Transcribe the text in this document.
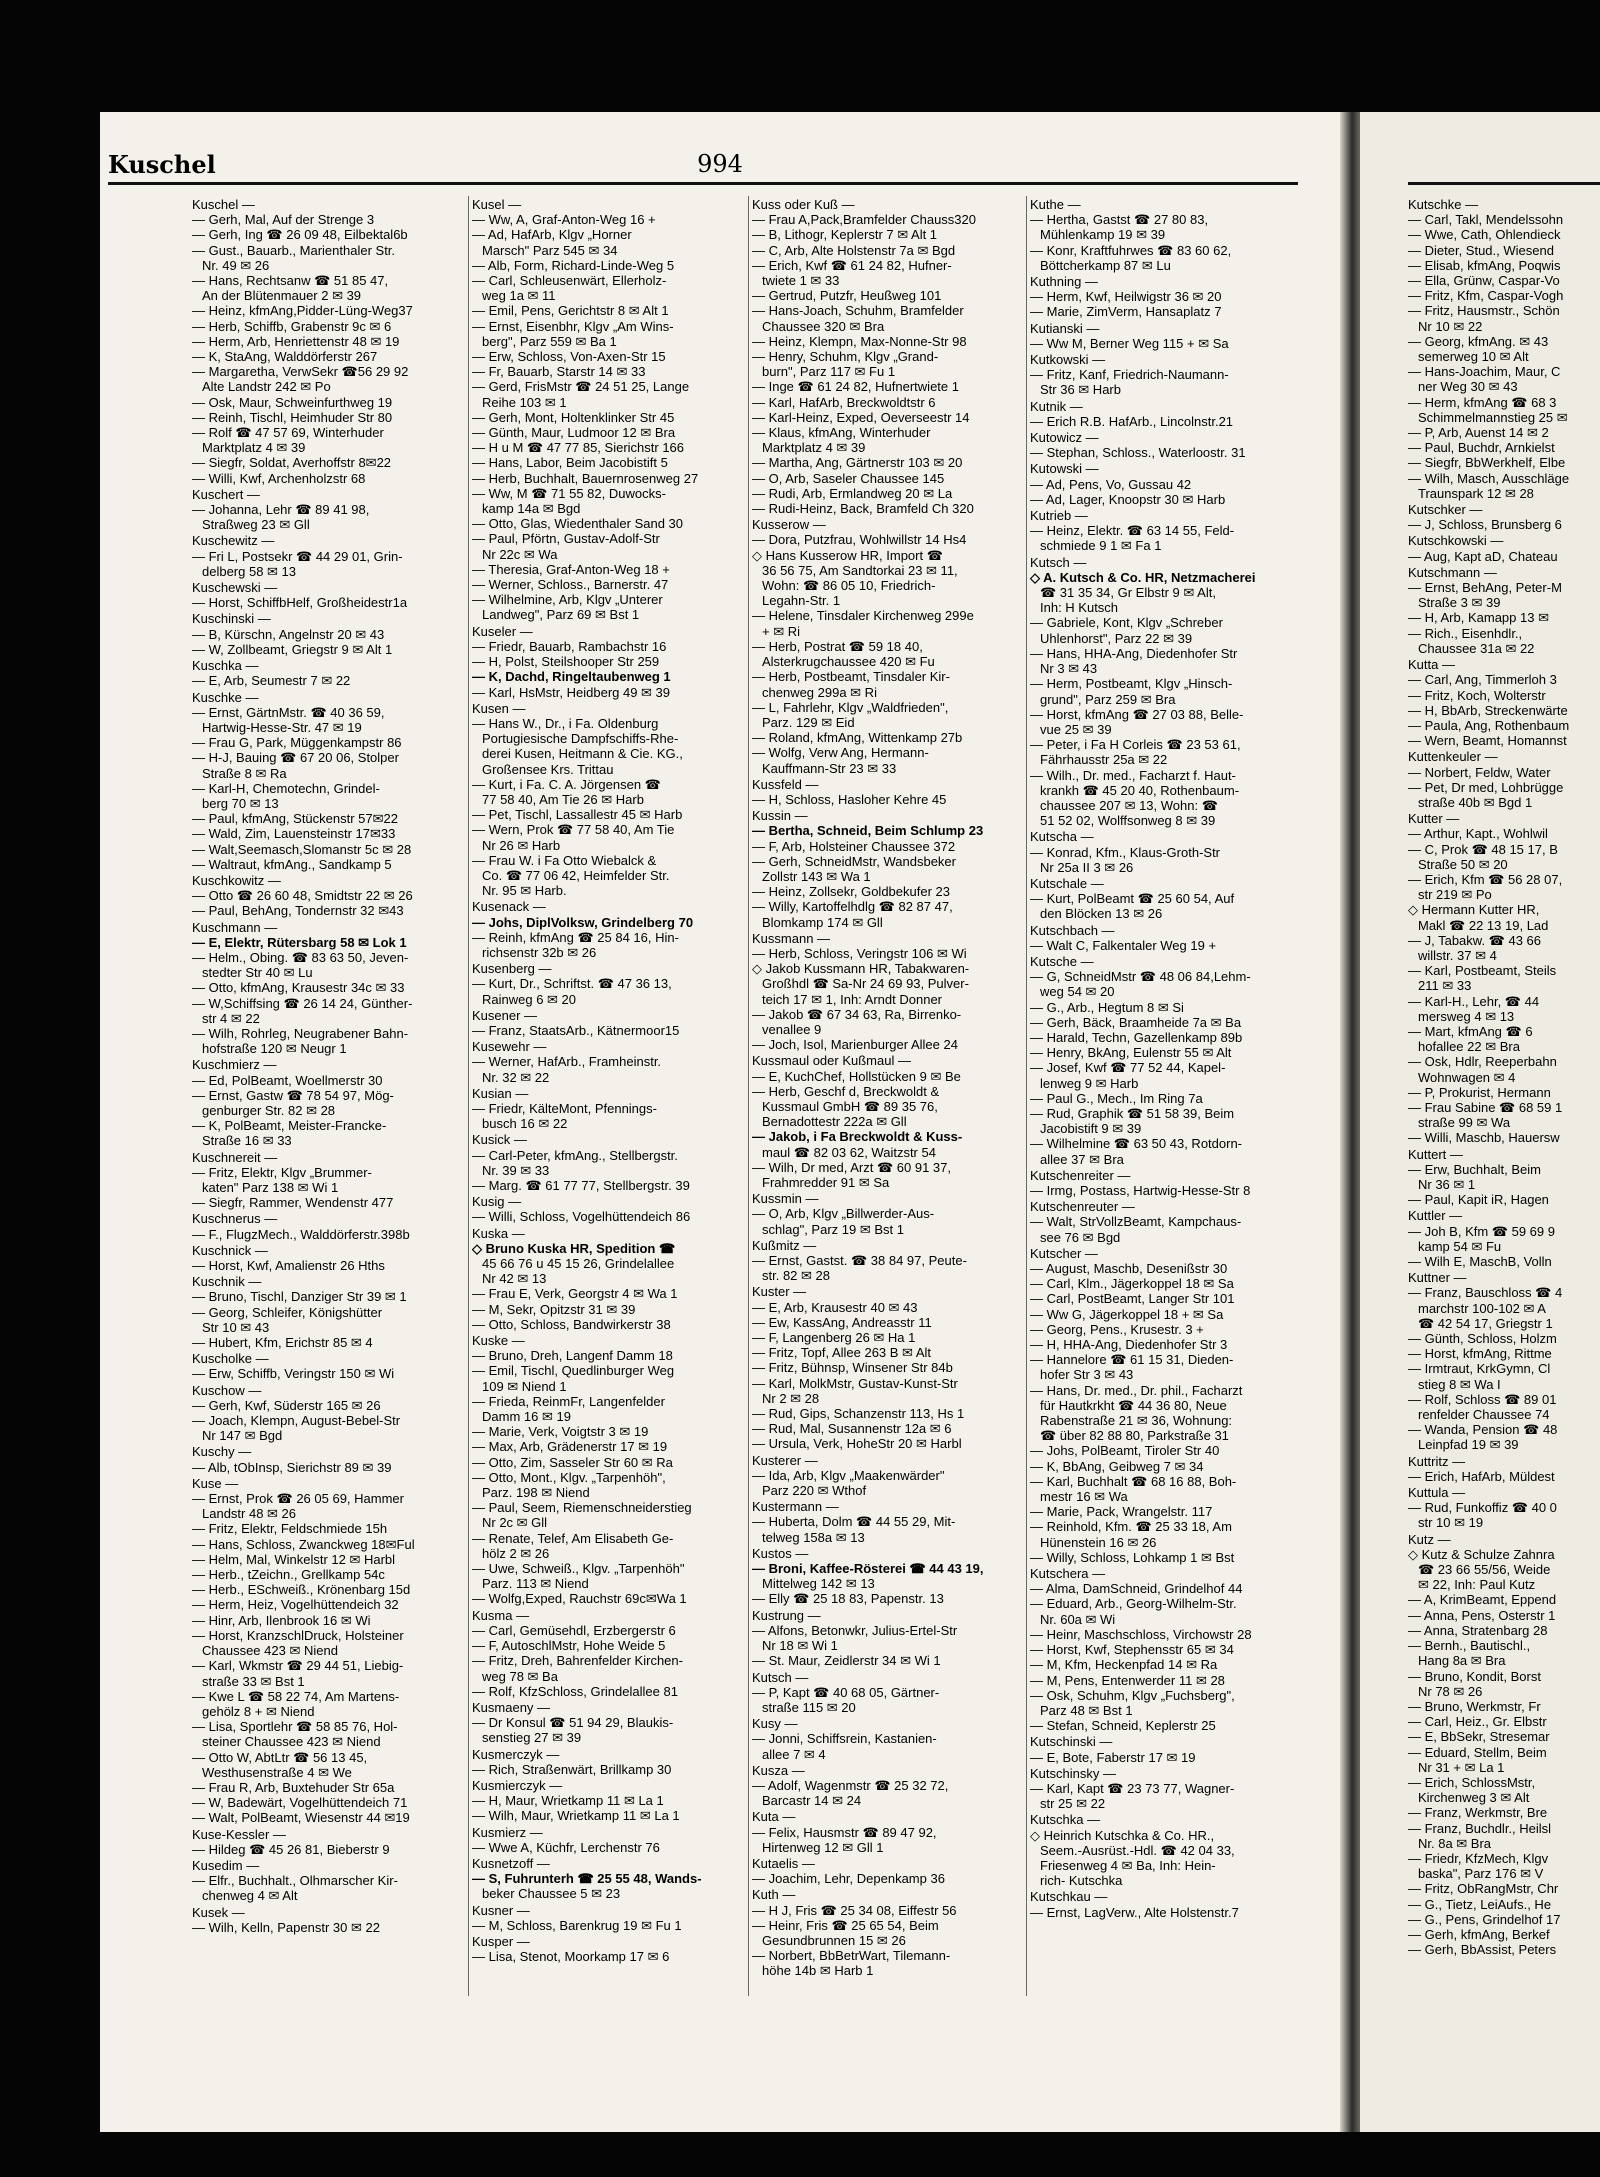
Kuschel	994
Kuschel —
— Gerh, Mal, Auf der Strenge 3
— Gerh, Ing ☎ 26 09 48, Eilbektal6b
— Gust., Bauarb., Marienthaler Str.
Nr. 49 ✉ 26
— Hans, Rechtsanw ☎ 51 85 47,
An der Blütenmauer 2 ✉ 39
— Heinz, kfmAng,Pidder-Lüng-Weg37
— Herb, Schiffb, Grabenstr 9c ✉ 6
— Herm, Arb, Henriettenstr 48 ✉ 19
— K, StaAng, Walddörferstr 267
— Margaretha, VerwSekr ☎56 29 92
Alte Landstr 242 ✉ Po
— Osk, Maur, Schweinfurthweg 19
— Reinh, Tischl, Heimhuder Str 80
— Rolf ☎ 47 57 69, Winterhuder
Marktplatz 4 ✉ 39
— Siegfr, Soldat, Averhoffstr 8✉22
— Willi, Kwf, Archenholzstr 68
Kuschert —
— Johanna, Lehr ☎ 89 41 98,
Straßweg 23 ✉ Gll
Kuschewitz —
— Fri L, Postsekr ☎ 44 29 01, Grin-
delberg 58 ✉ 13
Kuschewski —
— Horst, SchiffbHelf, Großheidestr1a
Kuschinski —
— B, Kürschn, Angelnstr 20 ✉ 43
— W, Zollbeamt, Griegstr 9 ✉ Alt 1
Kuschka —
— E, Arb, Seumestr 7 ✉ 22
Kuschke —
— Ernst, GärtnMstr. ☎ 40 36 59,
Hartwig-Hesse-Str. 47 ✉ 19
— Frau G, Park, Müggenkampstr 86
— H-J, Bauing ☎ 67 20 06, Stolper
Straße 8 ✉ Ra
— Karl-H, Chemotechn, Grindel-
berg 70 ✉ 13
— Paul, kfmAng, Stückenstr 57✉22
— Wald, Zim, Lauensteinstr 17✉33
— Walt,Seemasch,Slomanstr 5c ✉ 28
— Waltraut, kfmAng., Sandkamp 5
Kuschkowitz —
— Otto ☎ 26 60 48, Smidtstr 22 ✉ 26
— Paul, BehAng, Tondernstr 32 ✉43
Kuschmann —
— E, Elektr, Rütersbarg 58 ✉ Lok 1
— Helm., Obing. ☎ 83 63 50, Jeven-
stedter Str 40 ✉ Lu
— Otto, kfmAng, Krausestr 34c ✉ 33
— W,Schiffsing ☎ 26 14 24, Günther-
str 4 ✉ 22
— Wilh, Rohrleg, Neugrabener Bahn-
hofstraße 120 ✉ Neugr 1
Kuschmierz —
— Ed, PolBeamt, Woellmerstr 30
— Ernst, Gastw ☎ 78 54 97, Mög-
genburger Str. 82 ✉ 28
— K, PolBeamt, Meister-Francke-
Straße 16 ✉ 33
Kuschnereit —
— Fritz, Elektr, Klgv „Brummer-
katen" Parz 138 ✉ Wi 1
— Siegfr, Rammer, Wendenstr 477
Kuschnerus —
— F., FlugzMech., Walddörferstr.398b
Kuschnick —
— Horst, Kwf, Amalienstr 26 Hths
Kuschnik —
— Bruno, Tischl, Danziger Str 39 ✉ 1
— Georg, Schleifer, Königshütter
Str 10 ✉ 43
— Hubert, Kfm, Erichstr 85 ✉ 4
Kuscholke —
— Erw, Schiffb, Veringstr 150 ✉ Wi
Kuschow —
— Gerh, Kwf, Süderstr 165 ✉ 26
— Joach, Klempn, August-Bebel-Str
Nr 147 ✉ Bgd
Kuschy —
— Alb, tObInsp, Sierichstr 89 ✉ 39
Kuse —
— Ernst, Prok ☎ 26 05 69, Hammer
Landstr 48 ✉ 26
— Fritz, Elektr, Feldschmiede 15h
— Hans, Schloss, Zwanckweg 18✉Ful
— Helm, Mal, Winkelstr 12 ✉ Harbl
— Herb., tZeichn., Grellkamp 54c
— Herb., ESchweiß., Krönenbarg 15d
— Herm, Heiz, Vogelhüttendeich 32
— Hinr, Arb, Ilenbrook 16 ✉ Wi
— Horst, KranzschlDruck, Holsteiner
Chaussee 423 ✉ Niend
— Karl, Wkmstr ☎ 29 44 51, Liebig-
straße 33 ✉ Bst 1
— Kwe L ☎ 58 22 74, Am Martens-
gehölz 8 + ✉ Niend
— Lisa, Sportlehr ☎ 58 85 76, Hol-
steiner Chaussee 423 ✉ Niend
— Otto W, AbtLtr ☎ 56 13 45,
Westhusenstraße 4 ✉ We
— Frau R, Arb, Buxtehuder Str 65a
— W, Badewärt, Vogelhüttendeich 71
— Walt, PolBeamt, Wiesenstr 44 ✉19
Kuse-Kessler —
— Hildeg ☎ 45 26 81, Bieberstr 9
Kusedim —
— Elfr., Buchhalt., Olhmarscher Kir-
chenweg 4 ✉ Alt
Kusek —
— Wilh, Kelln, Papenstr 30 ✉ 22
Kusel —
— Ww, A, Graf-Anton-Weg 16 +
— Ad, HafArb, Klgv „Horner
Marsch" Parz 545 ✉ 34
— Alb, Form, Richard-Linde-Weg 5
— Carl, Schleusenwärt, Ellerholz-
weg 1a ✉ 11
— Emil, Pens, Gerichtstr 8 ✉ Alt 1
— Ernst, Eisenbhr, Klgv „Am Wins-
berg", Parz 559 ✉ Ba 1
— Erw, Schloss, Von-Axen-Str 15
— Fr, Bauarb, Starstr 14 ✉ 33
— Gerd, FrisMstr ☎ 24 51 25, Lange
Reihe 103 ✉ 1
— Gerh, Mont, Holtenklinker Str 45
— Günth, Maur, Ludmoor 12 ✉ Bra
— H u M ☎ 47 77 85, Sierichstr 166
— Hans, Labor, Beim Jacobistift 5
— Herb, Buchhalt, Bauernrosenweg 27
— Ww, M ☎ 71 55 82, Duwocks-
kamp 14a ✉ Bgd
— Otto, Glas, Wiedenthaler Sand 30
— Paul, Pförtn, Gustav-Adolf-Str
Nr 22c ✉ Wa
— Theresia, Graf-Anton-Weg 18 +
— Werner, Schloss., Barnerstr. 47
— Wilhelmine, Arb, Klgv „Unterer
Landweg", Parz 69 ✉ Bst 1
Kuseler —
— Friedr, Bauarb, Rambachstr 16
— H, Polst, Steilshooper Str 259
— K, Dachd, Ringeltaubenweg 1
— Karl, HsMstr, Heidberg 49 ✉ 39
Kusen —
— Hans W., Dr., i Fa. Oldenburg
Portugiesische Dampfschiffs-Rhe-
derei Kusen, Heitmann & Cie. KG.,
Großensee Krs. Trittau
— Kurt, i Fa. C. A. Jörgensen ☎
77 58 40, Am Tie 26 ✉ Harb
— Pet, Tischl, Lassallestr 45 ✉ Harb
— Wern, Prok ☎ 77 58 40, Am Tie
Nr 26 ✉ Harb
— Frau W. i Fa Otto Wiebalck &
Co. ☎ 77 06 42, Heimfelder Str.
Nr. 95 ✉ Harb.
Kusenack —
— Johs, DiplVolksw, Grindelberg 70
— Reinh, kfmAng ☎ 25 84 16, Hin-
richsenstr 32b ✉ 26
Kusenberg —
— Kurt, Dr., Schriftst. ☎ 47 36 13,
Rainweg 6 ✉ 20
Kusener —
— Franz, StaatsArb., Kätnermoor15
Kusewehr —
— Werner, HafArb., Framheinstr.
Nr. 32 ✉ 22
Kusian —
— Friedr, KälteMont, Pfennings-
busch 16 ✉ 22
Kusick —
— Carl-Peter, kfmAng., Stellbergstr.
Nr. 39 ✉ 33
— Marg. ☎ 61 77 77, Stellbergstr. 39
Kusig —
— Willi, Schloss, Vogelhüttendeich 86
Kuska —
◇ Bruno Kuska HR, Spedition ☎
45 66 76 u 45 15 26, Grindelallee
Nr 42 ✉ 13
— Frau E, Verk, Georgstr 4 ✉ Wa 1
— M, Sekr, Opitzstr 31 ✉ 39
— Otto, Schloss, Bandwirkerstr 38
Kuske —
— Bruno, Dreh, Langenf Damm 18
— Emil, Tischl, Quedlinburger Weg
109 ✉ Niend 1
— Frieda, ReinmFr, Langenfelder
Damm 16 ✉ 19
— Marie, Verk, Voigtstr 3 ✉ 19
— Max, Arb, Grädenerstr 17 ✉ 19
— Otto, Zim, Sasseler Str 60 ✉ Ra
— Otto, Mont., Klgv. „Tarpenhöh",
Parz. 198 ✉ Niend
— Paul, Seem, Riemenschneiderstieg
Nr 2c ✉ Gll
— Renate, Telef, Am Elisabeth Ge-
hölz 2 ✉ 26
— Uwe, Schweiß., Klgv. „Tarpenhöh"
Parz. 113 ✉ Niend
— Wolfg,Exped, Rauchstr 69c✉Wa 1
Kusma —
— Carl, Gemüsehdl, Erzbergerstr 6
— F, AutoschlMstr, Hohe Weide 5
— Fritz, Dreh, Bahrenfelder Kirchen-
weg 78 ✉ Ba
— Rolf, KfzSchloss, Grindelallee 81
Kusmaeny —
— Dr Konsul ☎ 51 94 29, Blaukis-
senstieg 27 ✉ 39
Kusmerczyk —
— Rich, Straßenwärt, Brillkamp 30
Kusmierczyk —
— H, Maur, Wrietkamp 11 ✉ La 1
— Wilh, Maur, Wrietkamp 11 ✉ La 1
Kusmierz —
— Wwe A, Küchfr, Lerchenstr 76
Kusnetzoff —
— S, Fuhrunterh ☎ 25 55 48, Wands-
beker Chaussee 5 ✉ 23
Kusner —
— M, Schloss, Barenkrug 19 ✉ Fu 1
Kusper —
— Lisa, Stenot, Moorkamp 17 ✉ 6
Kuss oder Kuß —
— Frau A,Pack,Bramfelder Chauss320
— B, Lithogr, Keplerstr 7 ✉ Alt 1
— C, Arb, Alte Holstenstr 7a ✉ Bgd
— Erich, Kwf ☎ 61 24 82, Hufner-
twiete 1 ✉ 33
— Gertrud, Putzfr, Heußweg 101
— Hans-Joach, Schuhm, Bramfelder
Chaussee 320 ✉ Bra
— Heinz, Klempn, Max-Nonne-Str 98
— Henry, Schuhm, Klgv „Grand-
burn", Parz 117 ✉ Fu 1
— Inge ☎ 61 24 82, Hufnertwiete 1
— Karl, HafArb, Breckwoldtstr 6
— Karl-Heinz, Exped, Oeverseestr 14
— Klaus, kfmAng, Winterhuder
Marktplatz 4 ✉ 39
— Martha, Ang, Gärtnerstr 103 ✉ 20
— O, Arb, Saseler Chaussee 145
— Rudi, Arb, Ermlandweg 20 ✉ La
— Rudi-Heinz, Back, Bramfeld Ch 320
Kusserow —
— Dora, Putzfrau, Wohlwillstr 14 Hs4
◇ Hans Kusserow HR, Import ☎
36 56 75, Am Sandtorkai 23 ✉ 11,
Wohn: ☎ 86 05 10, Friedrich-
Legahn-Str. 1
— Helene, Tinsdaler Kirchenweg 299e
+ ✉ Ri
— Herb, Postrat ☎ 59 18 40,
Alsterkrugchaussee 420 ✉ Fu
— Herb, Postbeamt, Tinsdaler Kir-
chenweg 299a ✉ Ri
— L, Fahrlehr, Klgv „Waldfrieden",
Parz. 129 ✉ Eid
— Roland, kfmAng, Wittenkamp 27b
— Wolfg, Verw Ang, Hermann-
Kauffmann-Str 23 ✉ 33
Kussfeld —
— H, Schloss, Hasloher Kehre 45
Kussin —
— Bertha, Schneid, Beim Schlump 23
— F, Arb, Holsteiner Chaussee 372
— Gerh, SchneidMstr, Wandsbeker
Zollstr 143 ✉ Wa 1
— Heinz, Zollsekr, Goldbekufer 23
— Willy, Kartoffelhdlg ☎ 82 87 47,
Blomkamp 174 ✉ Gll
Kussmann —
— Herb, Schloss, Veringstr 106 ✉ Wi
◇ Jakob Kussmann HR, Tabakwaren-
Großhdl ☎ Sa-Nr 24 69 93, Pulver-
teich 17 ✉ 1, Inh: Arndt Donner
— Jakob ☎ 67 34 63, Ra, Birrenko-
venallee 9
— Joch, Isol, Marienburger Allee 24
Kussmaul oder Kußmaul —
— E, KuchChef, Hollstücken 9 ✉ Be
— Herb, Geschf d, Breckwoldt &
Kussmaul GmbH ☎ 89 35 76,
Bernadottestr 222a ✉ Gll
— Jakob, i Fa Breckwoldt & Kuss-
maul ☎ 82 03 62, Waitzstr 54
— Wilh, Dr med, Arzt ☎ 60 91 37,
Frahmredder 91 ✉ Sa
Kussmin —
— O, Arb, Klgv „Billwerder-Aus-
schlag", Parz 19 ✉ Bst 1
Kußmitz —
— Ernst, Gastst. ☎ 38 84 97, Peute-
str. 82 ✉ 28
Kuster —
— E, Arb, Krausestr 40 ✉ 43
— Ew, KassAng, Andreasstr 11
— F, Langenberg 26 ✉ Ha 1
— Fritz, Topf, Allee 263 B ✉ Alt
— Fritz, Bühnsp, Winsener Str 84b
— Karl, MolkMstr, Gustav-Kunst-Str
Nr 2 ✉ 28
— Rud, Gips, Schanzenstr 113, Hs 1
— Rud, Mal, Susannenstr 12a ✉ 6
— Ursula, Verk, HoheStr 20 ✉ Harbl
Kusterer —
— Ida, Arb, Klgv „Maakenwärder"
Parz 220 ✉ Wthof
Kustermann —
— Huberta, Dolm ☎ 44 55 29, Mit-
telweg 158a ✉ 13
Kustos —
— Broni, Kaffee-Rösterei ☎ 44 43 19,
Mittelweg 142 ✉ 13
— Elly ☎ 25 18 83, Papenstr. 13
Kustrung —
— Alfons, Betonwkr, Julius-Ertel-Str
Nr 18 ✉ Wi 1
— St. Maur, Zeidlerstr 34 ✉ Wi 1
Kutsch —
— P, Kapt ☎ 40 68 05, Gärtner-
straße 115 ✉ 20
Kusy —
— Jonni, Schiffsrein, Kastanien-
allee 7 ✉ 4
Kusza —
— Adolf, Wagenmstr ☎ 25 32 72,
Barcastr 14 ✉ 24
Kuta —
— Felix, Hausmstr ☎ 89 47 92,
Hirtenweg 12 ✉ Gll 1
Kutaelis —
— Joachim, Lehr, Depenkamp 36
Kuth —
— H J, Fris ☎ 25 34 08, Eiffestr 56
— Heinr, Fris ☎ 25 65 54, Beim
Gesundbrunnen 15 ✉ 26
— Norbert, BbBetrWart, Tilemann-
höhe 14b ✉ Harb 1
Kuthe —
— Hertha, Gastst ☎ 27 80 83,
Mühlenkamp 19 ✉ 39
— Konr, Kraftfuhrwes ☎ 83 60 62,
Böttcherkamp 87 ✉ Lu
Kuthning —
— Herm, Kwf, Heilwigstr 36 ✉ 20
— Marie, ZimVerm, Hansaplatz 7
Kutianski —
— Ww M, Berner Weg 115 + ✉ Sa
Kutkowski —
— Fritz, Kanf, Friedrich-Naumann-
Str 36 ✉ Harb
Kutnik —
— Erich R.B. HafArb., Lincolnstr.21
Kutowicz —
— Stephan, Schloss., Waterloostr. 31
Kutowski —
— Ad, Pens, Vo, Gussau 42
— Ad, Lager, Knoopstr 30 ✉ Harb
Kutrieb —
— Heinz, Elektr. ☎ 63 14 55, Feld-
schmiede 9 1 ✉ Fa 1
Kutsch —
◇ A. Kutsch & Co. HR, Netzmacherei
☎ 31 35 34, Gr Elbstr 9 ✉ Alt,
Inh: H Kutsch
— Gabriele, Kont, Klgv „Schreber
Uhlenhorst", Parz 22 ✉ 39
— Hans, HHA-Ang, Diedenhofer Str
Nr 3 ✉ 43
— Herm, Postbeamt, Klgv „Hinsch-
grund", Parz 259 ✉ Bra
— Horst, kfmAng ☎ 27 03 88, Belle-
vue 25 ✉ 39
— Peter, i Fa H Corleis ☎ 23 53 61,
Fährhausstr 25a ✉ 22
— Wilh., Dr. med., Facharzt f. Haut-
krankh ☎ 45 20 40, Rothenbaum-
chaussee 207 ✉ 13, Wohn: ☎
51 52 02, Wolffsonweg 8 ✉ 39
Kutscha —
— Konrad, Kfm., Klaus-Groth-Str
Nr 25a II 3 ✉ 26
Kutschale —
— Kurt, PolBeamt ☎ 25 60 54, Auf
den Blöcken 13 ✉ 26
Kutschbach —
— Walt C, Falkentaler Weg 19 +
Kutsche —
— G, SchneidMstr ☎ 48 06 84,Lehm-
weg 54 ✉ 20
— G., Arb., Hegtum 8 ✉ Si
— Gerh, Bäck, Braamheide 7a ✉ Ba
— Harald, Techn, Gazellenkamp 89b
— Henry, BkAng, Eulenstr 55 ✉ Alt
— Josef, Kwf ☎ 77 52 44, Kapel-
lenweg 9 ✉ Harb
— Paul G., Mech., Im Ring 7a
— Rud, Graphik ☎ 51 58 39, Beim
Jacobistift 9 ✉ 39
— Wilhelmine ☎ 63 50 43, Rotdorn-
allee 37 ✉ Bra
Kutschenreiter —
— Irmg, Postass, Hartwig-Hesse-Str 8
Kutschenreuter —
— Walt, StrVollzBeamt, Kampchaus-
see 76 ✉ Bgd
Kutscher —
— August, Maschb, Desenißstr 30
— Carl, Klm., Jägerkoppel 18 ✉ Sa
— Carl, PostBeamt, Langer Str 101
— Ww G, Jägerkoppel 18 + ✉ Sa
— Georg, Pens., Krusestr. 3 +
— H, HHA-Ang, Diedenhofer Str 3
— Hannelore ☎ 61 15 31, Dieden-
hofer Str 3 ✉ 43
— Hans, Dr. med., Dr. phil., Facharzt
für Hautkrkht ☎ 44 36 80, Neue
Rabenstraße 21 ✉ 36, Wohnung:
☎ über 82 88 80, Parkstraße 31
— Johs, PolBeamt, Tiroler Str 40
— K, BbAng, Geibweg 7 ✉ 34
— Karl, Buchhalt ☎ 68 16 88, Boh-
mestr 16 ✉ Wa
— Marie, Pack, Wrangelstr. 117
— Reinhold, Kfm. ☎ 25 33 18, Am
Hünenstein 16 ✉ 26
— Willy, Schloss, Lohkamp 1 ✉ Bst
Kutschera —
— Alma, DamSchneid, Grindelhof 44
— Eduard, Arb., Georg-Wilhelm-Str.
Nr. 60a ✉ Wi
— Heinr, Maschschloss, Virchowstr 28
— Horst, Kwf, Stephensstr 65 ✉ 34
— M, Kfm, Heckenpfad 14 ✉ Ra
— M, Pens, Entenwerder 11 ✉ 28
— Osk, Schuhm, Klgv „Fuchsberg",
Parz 48 ✉ Bst 1
— Stefan, Schneid, Keplerstr 25
Kutschinski —
— E, Bote, Faberstr 17 ✉ 19
Kutschinsky —
— Karl, Kapt ☎ 23 73 77, Wagner-
str 25 ✉ 22
Kutschka —
◇ Heinrich Kutschka & Co. HR.,
Seem.-Ausrüst.-Hdl. ☎ 42 04 33,
Friesenweg 4 ✉ Ba, Inh: Hein-
rich- Kutschka
Kutschkau —
— Ernst, LagVerw., Alte Holstenstr.7
Kutschke —
— Carl, Takl, Mendelssohn
— Wwe, Cath, Ohlendieck
— Dieter, Stud., Wiesend
— Elisab, kfmAng, Poqwis
— Ella, Grünw, Caspar-Vo
— Fritz, Kfm, Caspar-Vogh
— Fritz, Hausmstr., Schön
Nr 10 ✉ 22
— Georg, kfmAng. ✉ 43
semerweg 10 ✉ Alt
— Hans-Joachim, Maur, C
ner Weg 30 ✉ 43
— Herm, kfmAng ☎ 68 3
Schimmelmannstieg 25 ✉
— P, Arb, Auenst 14 ✉ 2
— Paul, Buchdr, Arnkielst
— Siegfr, BbWerkhelf, Elbe
— Wilh, Masch, Ausschläge
Traunspark 12 ✉ 28
Kutschker —
— J, Schloss, Brunsberg 6
Kutschkowski —
— Aug, Kapt aD, Chateau
Kutschmann —
— Ernst, BehAng, Peter-M
Straße 3 ✉ 39
— H, Arb, Kamapp 13 ✉
— Rich., Eisenhdlr.,
Chaussee 31a ✉ 22
Kutta —
— Carl, Ang, Timmerloh 3
— Fritz, Koch, Wolterstr
— H, BbArb, Streckenwärte
— Paula, Ang, Rothenbaum
— Wern, Beamt, Homannst
Kuttenkeuler —
— Norbert, Feldw, Water
— Pet, Dr med, Lohbrügge
straße 40b ✉ Bgd 1
Kutter —
— Arthur, Kapt., Wohlwil
— C, Prok ☎ 48 15 17, B
Straße 50 ✉ 20
— Erich, Kfm ☎ 56 28 07,
str 219 ✉ Po
◇ Hermann Kutter HR,
Makl ☎ 22 13 19, Lad
— J, Tabakw. ☎ 43 66
willstr. 37 ✉ 4
— Karl, Postbeamt, Steils
211 ✉ 33
— Karl-H., Lehr, ☎ 44
mersweg 4 ✉ 13
— Mart, kfmAng ☎ 6
hofallee 22 ✉ Bra
— Osk, Hdlr, Reeperbahn
Wohnwagen ✉ 4
— P, Prokurist, Hermann
— Frau Sabine ☎ 68 59 1
straße 99 ✉ Wa
— Willi, Maschb, Hauersw
Kuttert —
— Erw, Buchhalt, Beim
Nr 36 ✉ 1
— Paul, Kapit iR, Hagen
Kuttler —
— Joh B, Kfm ☎ 59 69 9
kamp 54 ✉ Fu
— Wilh E, MaschB, Volln
Kuttner —
— Franz, Bauschloss ☎ 4
marchstr 100-102 ✉ A
☎ 42 54 17, Griegstr 1
— Günth, Schloss, Holzm
— Horst, kfmAng, Rittme
— Irmtraut, KrkGymn, Cl
stieg 8 ✉ Wa I
— Rolf, Schloss ☎ 89 01
renfelder Chaussee 74
— Wanda, Pension ☎ 48
Leinpfad 19 ✉ 39
Kuttritz —
— Erich, HafArb, Müldest
Kuttula —
— Rud, Funkoffiz ☎ 40 0
str 10 ✉ 19
Kutz —
◇ Kutz & Schulze Zahnra
☎ 23 66 55/56, Weide
✉ 22, Inh: Paul Kutz
— A, KrimBeamt, Eppend
— Anna, Pens, Osterstr 1
— Anna, Stratenbarg 28
— Bernh., Bautischl.,
Hang 8a ✉ Bra
— Bruno, Kondit, Borst
Nr 78 ✉ 26
— Bruno, Werkmstr, Fr
— Carl, Heiz., Gr. Elbstr
— E, BbSekr, Stresemar
— Eduard, Stellm, Beim
Nr 31 + ✉ La 1
— Erich, SchlossMstr,
Kirchenweg 3 ✉ Alt
— Franz, Werkmstr, Bre
— Franz, Buchdlr., Heilsl
Nr. 8a ✉ Bra
— Friedr, KfzMech, Klgv
baska", Parz 176 ✉ V
— Fritz, ObRangMstr, Chr
— G., Tietz, LeiAufs., He
— G., Pens, Grindelhof 17
— Gerh, kfmAng, Berkef
— Gerh, BbAssist, Peters
